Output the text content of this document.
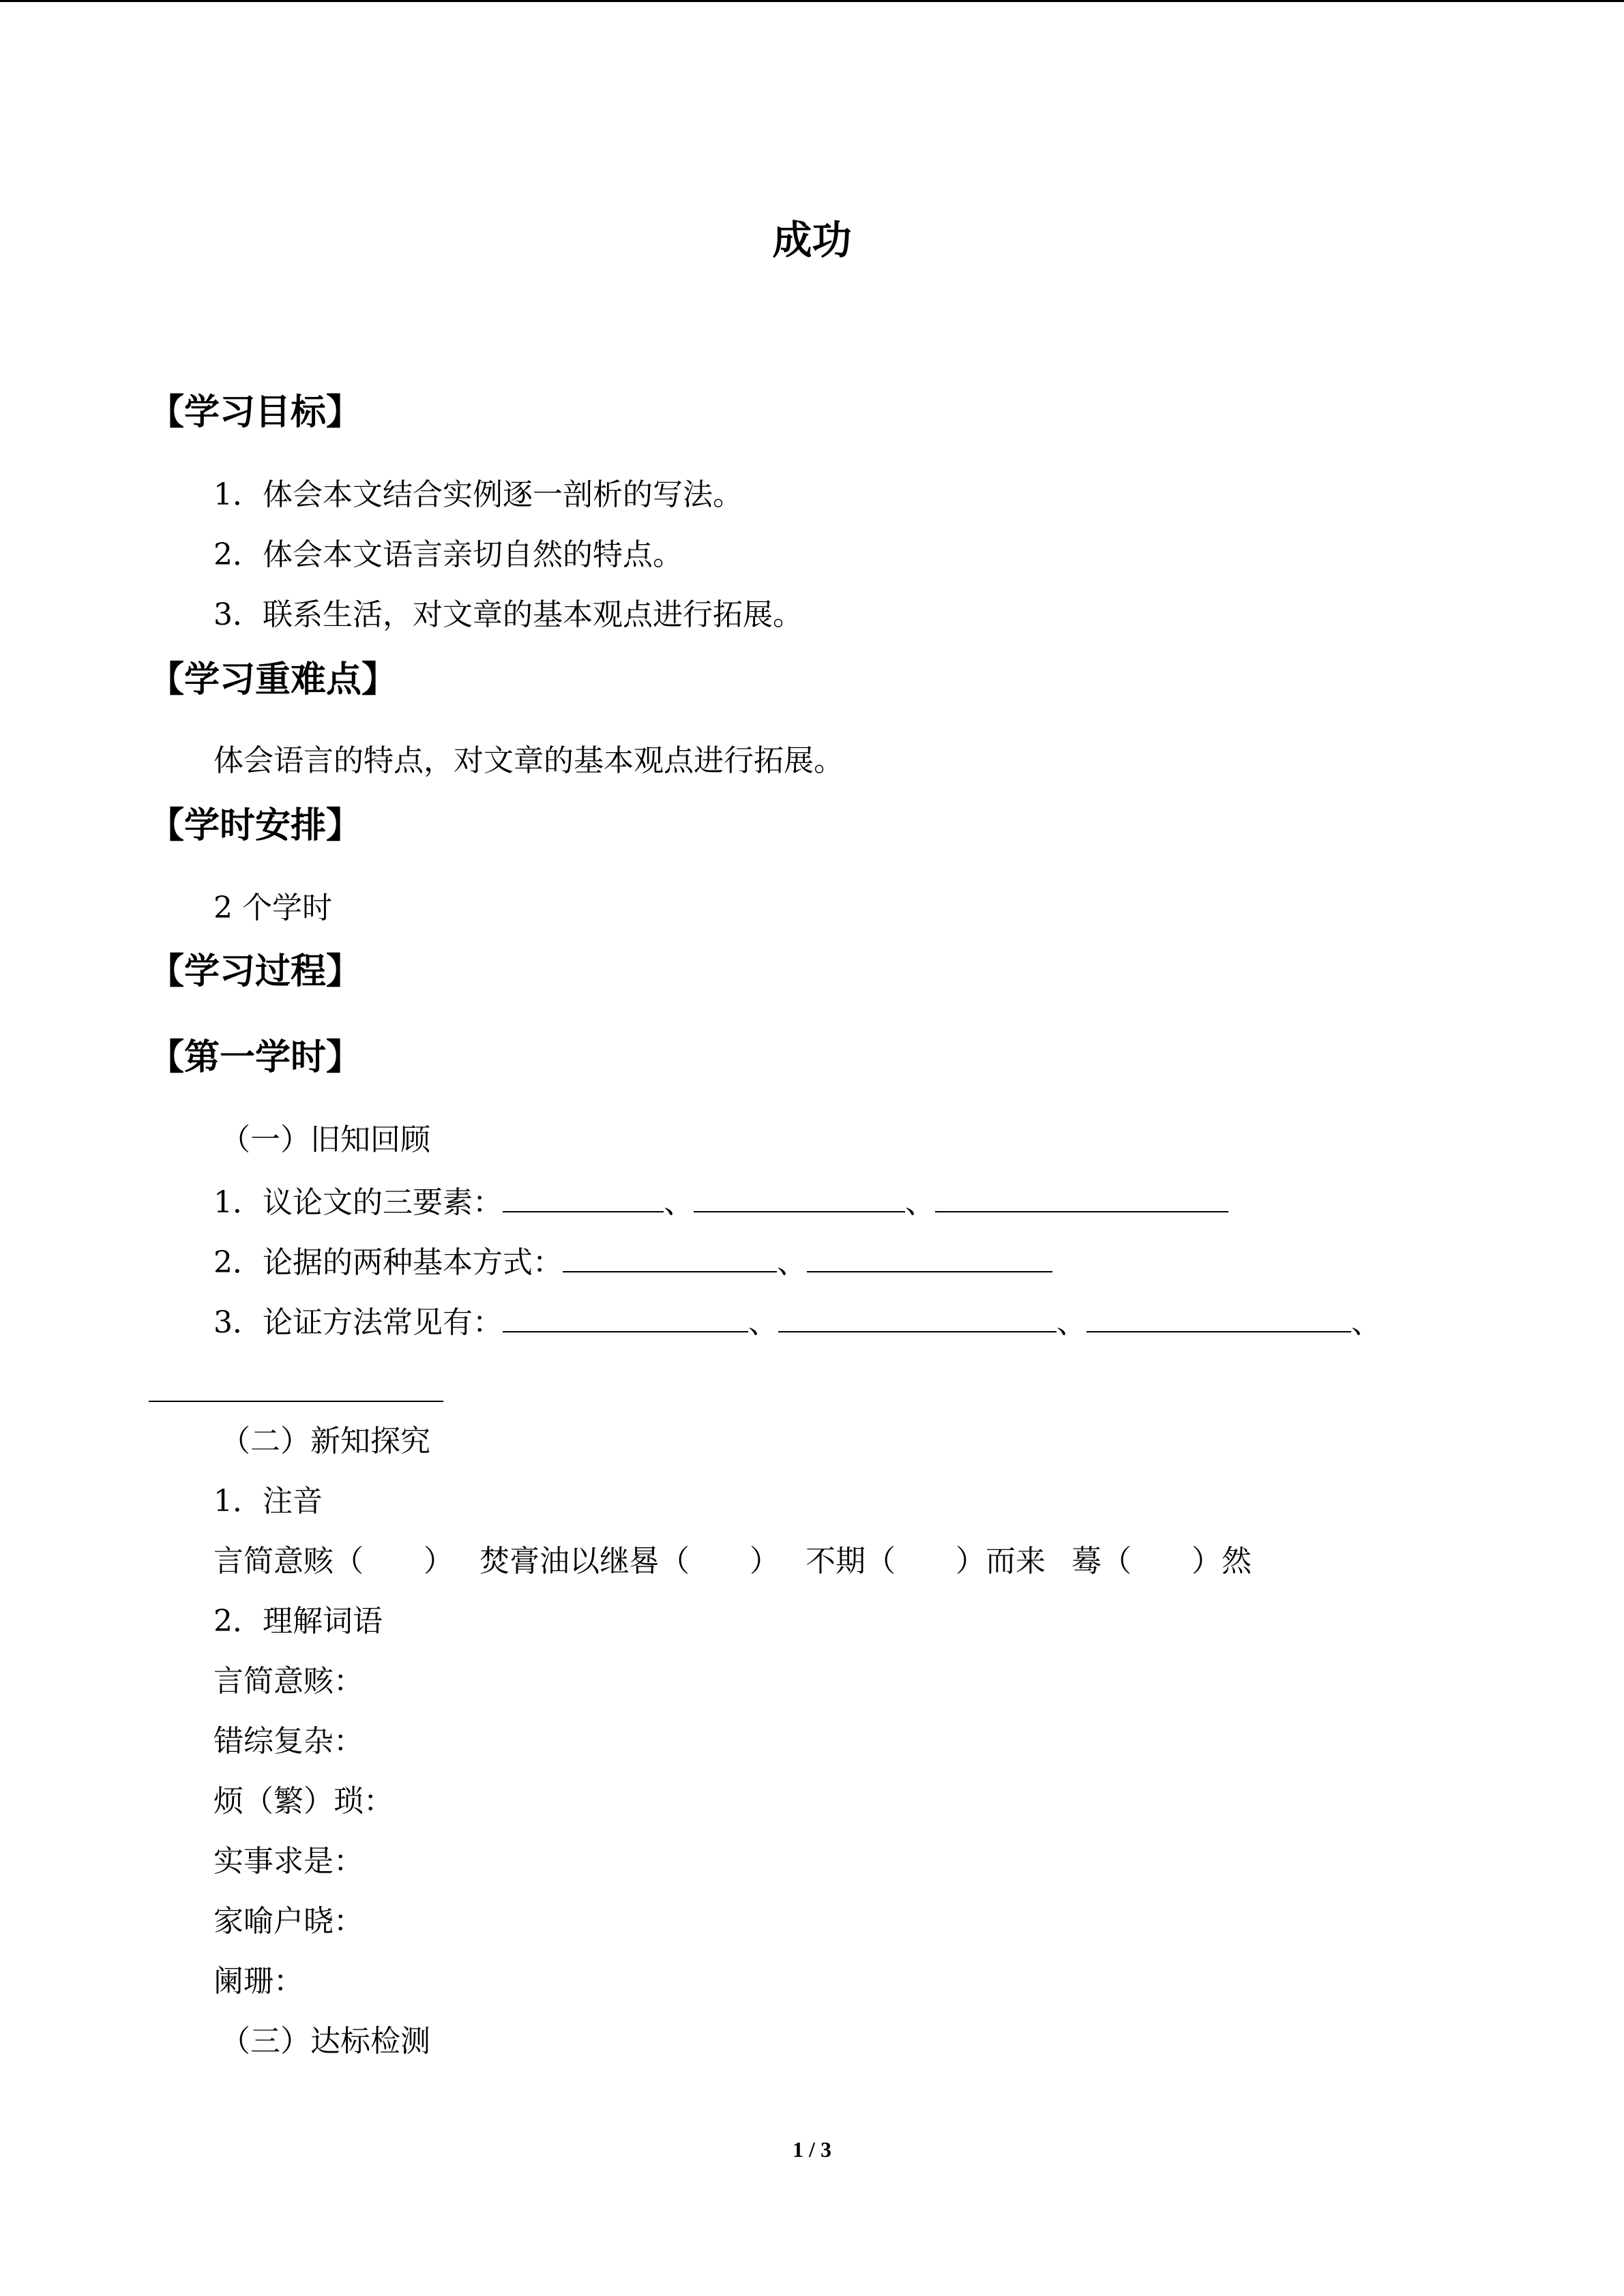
成功
【学习目标】
1．体会本文结合实例逐一剖析的写法。
2．体会本文语言亲切自然的特点。
3．联系生活，对文章的基本观点进行拓展。
【学习重难点】
体会语言的特点，对文章的基本观点进行拓展。
【学时安排】
2 个学时
【学习过程】
【第一学时】
（一）旧知回顾
1．议论文的三要素：	、	、
2．论据的两种基本方式：	、
3．论证方法常见有：	、	、	、
（二）新知探究
1．注音
言简意赅（ ） 焚膏油以继晷（ ） 不期（ ）而来 蓦（ ）然
2．理解词语
言简意赅：
错综复杂：
烦（繁）琐：
实事求是：
家喻户晓：
阑珊：
（三）达标检测
1 / 3
